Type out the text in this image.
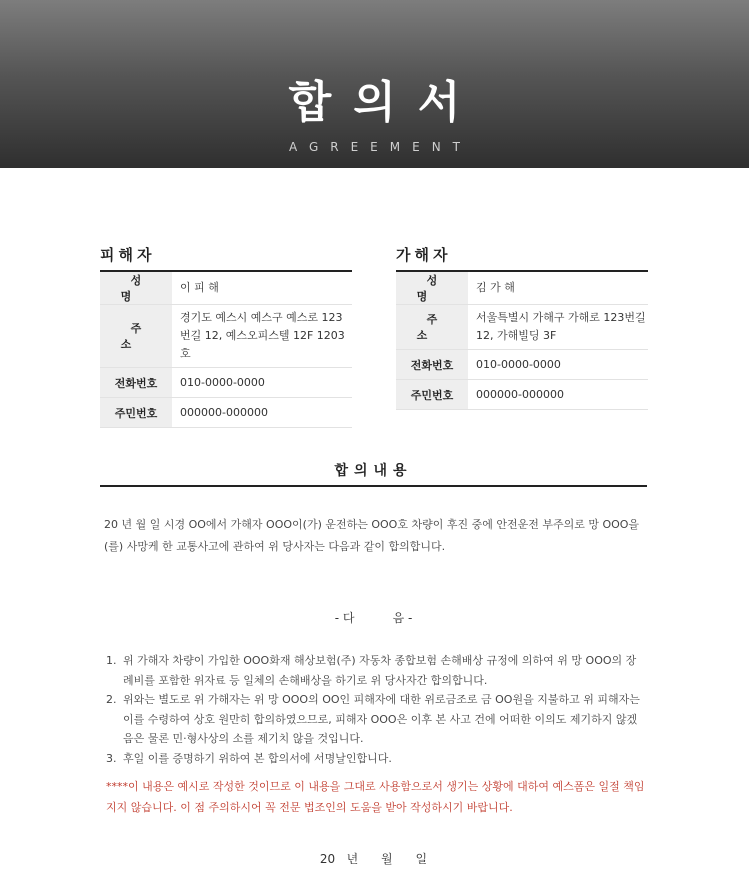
합의서
AGREEMENT
피해자
성명	이 피 해
주소	경기도 예스시 예스구 예스로 123번길 12, 예스오피스텔 12F 1203호
전화번호	010-0000-0000
주민번호	000000-000000
가해자
성명	김 가 해
주소	서울특별시 가해구 가해로 123번길 12, 가해빌딩 3F
전화번호	010-0000-0000
주민번호	000000-000000
합의내용

20 년 월 일 시경 OO에서 가해자 OOO이(가) 운전하는 OOO호 차량이 후진 중에 안전운전 부주의로 망 OOO을(를) 사망케 한 교통사고에 관하여 위 당사자는 다음과 같이 합의합니다.

- 다          음 -
1. 위 가해자 차량이 가입한 OOO화재 해상보험(주) 자동차 종합보험 손해배상 규정에 의하여 위 망 OOO의 장례비를 포함한 위자료 등 일체의 손해배상을 하기로 위 당사자간 합의합니다.
2. 위와는 별도로 위 가해자는 위 망 OOO의 OO인 피해자에 대한 위로금조로 금 OO원을 지불하고 위 피해자는 이를 수령하여 상호 원만히 합의하였으므로, 피해자 OOO은 이후 본 사고 건에 어떠한 이의도 제기하지 않겠음은 물론 민·형사상의 소를 제기치 않을 것입니다.
3. 후일 이를 증명하기 위하여 본 합의서에 서명날인합니다.

****이 내용은 예시로 작성한 것이므로 이 내용을 그대로 사용함으로서 생기는 상황에 대하여 예스폼은 일절 책임 지지 않습니다. 이 점 주의하시어 꼭 전문 법조인의 도움을 받아 작성하시기 바랍니다.

20   년      월      일
